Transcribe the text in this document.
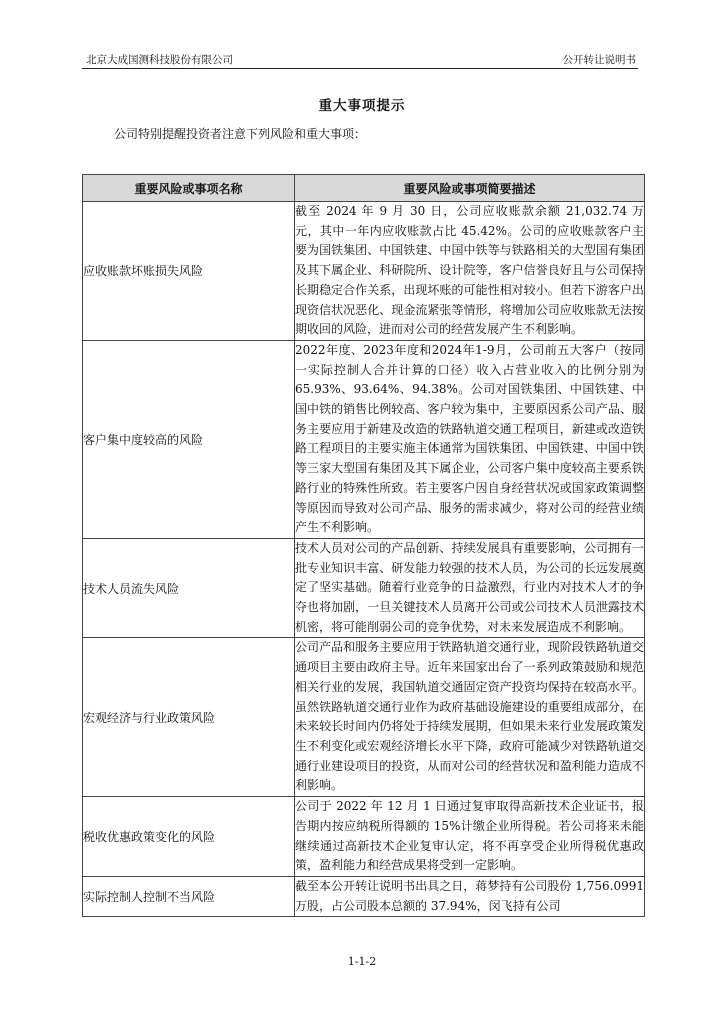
北京大成国测科技股份有限公司	公开转让说明书
重大事项提示
公司特别提醒投资者注意下列风险和重大事项：
重要风险或事项名称	重要风险或事项简要描述
应收账款坏账损失风险	截至 2024 年 9 月 30 日，公司应收账款余额 21,032.74 万元，其中一年内应收账款占比 45.42%。公司的应收账款客户主要为国铁集团、中国铁建、中国中铁等与铁路相关的大型国有集团及其下属企业、科研院所、设计院等，客户信誉良好且与公司保持长期稳定合作关系，出现坏账的可能性相对较小。但若下游客户出现资信状况恶化、现金流紧张等情形，将增加公司应收账款无法按期收回的风险，进而对公司的经营发展产生不利影响。
客户集中度较高的风险	2022年度、2023年度和2024年1-9月，公司前五大客户（按同一实际控制人合并计算的口径）收入占营业收入的比例分别为65.93%、93.64%、94.38%。公司对国铁集团、中国铁建、中国中铁的销售比例较高、客户较为集中，主要原因系公司产品、服务主要应用于新建及改造的铁路轨道交通工程项目，新建或改造铁路工程项目的主要实施主体通常为国铁集团、中国铁建、中国中铁等三家大型国有集团及其下属企业，公司客户集中度较高主要系铁路行业的特殊性所致。若主要客户因自身经营状况或国家政策调整等原因而导致对公司产品、服务的需求减少，将对公司的经营业绩产生不利影响。
技术人员流失风险	技术人员对公司的产品创新、持续发展具有重要影响，公司拥有一批专业知识丰富、研发能力较强的技术人员，为公司的长远发展奠定了坚实基础。随着行业竞争的日益激烈，行业内对技术人才的争夺也将加剧，一旦关键技术人员离开公司或公司技术人员泄露技术机密，将可能削弱公司的竞争优势，对未来发展造成不利影响。
宏观经济与行业政策风险	公司产品和服务主要应用于铁路轨道交通行业，现阶段铁路轨道交通项目主要由政府主导。近年来国家出台了一系列政策鼓励和规范相关行业的发展，我国轨道交通固定资产投资均保持在较高水平。虽然铁路轨道交通行业作为政府基础设施建设的重要组成部分，在未来较长时间内仍将处于持续发展期，但如果未来行业发展政策发生不利变化或宏观经济增长水平下降，政府可能减少对铁路轨道交通行业建设项目的投资，从而对公司的经营状况和盈利能力造成不利影响。
税收优惠政策变化的风险	公司于 2022 年 12 月 1 日通过复审取得高新技术企业证书，报告期内按应纳税所得额的 15%计缴企业所得税。若公司将来未能继续通过高新技术企业复审认定，将不再享受企业所得税优惠政策，盈利能力和经营成果将受到一定影响。
实际控制人控制不当风险	截至本公开转让说明书出具之日，蒋梦持有公司股份 1,756.0991 万股，占公司股本总额的 37.94%，闵飞持有公司
1-1-2
